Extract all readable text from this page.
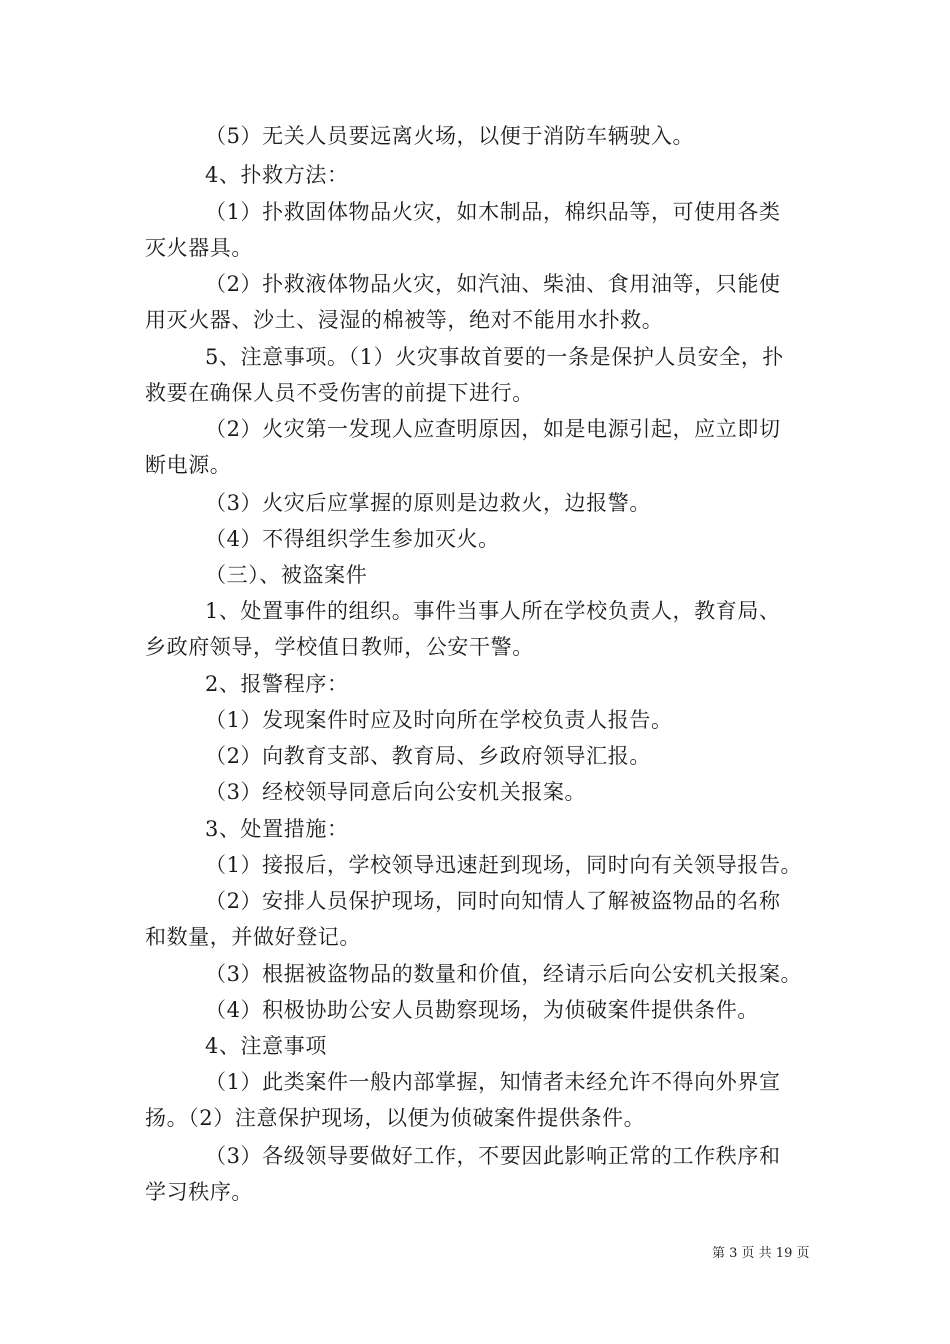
（5）无关人员要远离火场，以便于消防车辆驶入。
4、扑救方法：
（1）扑救固体物品火灾，如木制品，棉织品等，可使用各类
灭火器具。
（2）扑救液体物品火灾，如汽油、柴油、食用油等，只能使
用灭火器、沙土、浸湿的棉被等，绝对不能用水扑救。
5、注意事项。（1）火灾事故首要的一条是保护人员安全，扑
救要在确保人员不受伤害的前提下进行。
（2）火灾第一发现人应查明原因，如是电源引起，应立即切
断电源。
（3）火灾后应掌握的原则是边救火，边报警。
（4）不得组织学生参加灭火。
（三）、被盗案件
1、处置事件的组织。事件当事人所在学校负责人，教育局、
乡政府领导，学校值日教师，公安干警。
2、报警程序：
（1）发现案件时应及时向所在学校负责人报告。
（2）向教育支部、教育局、乡政府领导汇报。
（3）经校领导同意后向公安机关报案。
3、处置措施：
（1）接报后，学校领导迅速赶到现场，同时向有关领导报告。
（2）安排人员保护现场，同时向知情人了解被盗物品的名称
和数量，并做好登记。
（3）根据被盗物品的数量和价值，经请示后向公安机关报案。
（4）积极协助公安人员勘察现场，为侦破案件提供条件。
4、注意事项
（1）此类案件一般内部掌握，知情者未经允许不得向外界宣
扬。（2）注意保护现场，以便为侦破案件提供条件。
（3）各级领导要做好工作，不要因此影响正常的工作秩序和
学习秩序。
第 3 页 共 19 页
